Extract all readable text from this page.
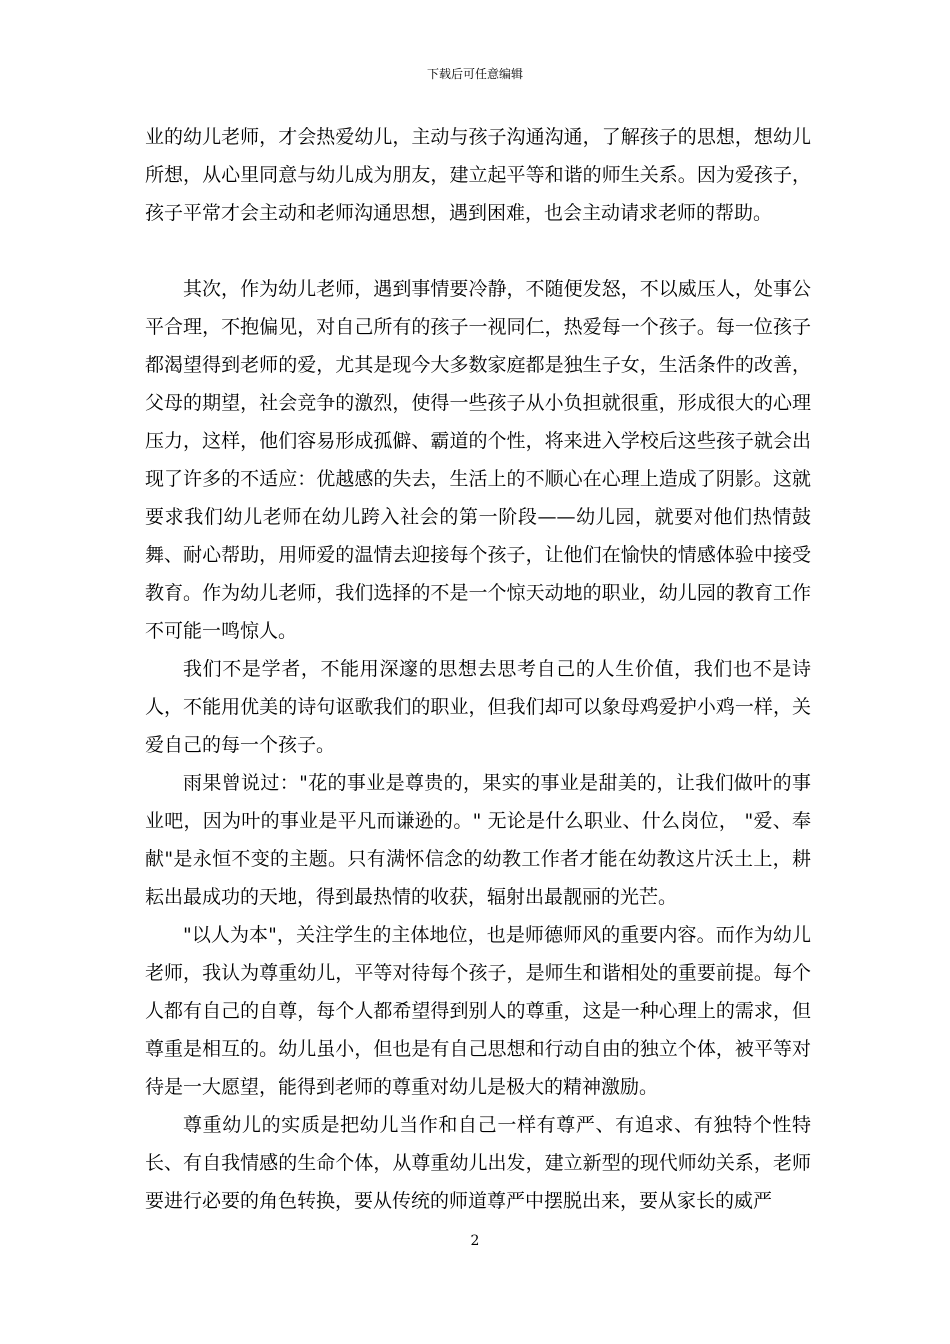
下载后可任意编辑

业的幼儿老师，才会热爱幼儿，主动与孩子沟通沟通，了解孩子的思想，想幼儿所想，从心里同意与幼儿成为朋友，建立起平等和谐的师生关系。因为爱孩子，孩子平常才会主动和老师沟通思想，遇到困难，也会主动请求老师的帮助。

其次，作为幼儿老师，遇到事情要冷静，不随便发怒，不以威压人，处事公平合理，不抱偏见，对自己所有的孩子一视同仁，热爱每一个孩子。每一位孩子都渴望得到老师的爱，尤其是现今大多数家庭都是独生子女，生活条件的改善，父母的期望，社会竞争的激烈，使得一些孩子从小负担就很重，形成很大的心理压力，这样，他们容易形成孤僻、霸道的个性，将来进入学校后这些孩子就会出现了许多的不适应：优越感的失去，生活上的不顺心在心理上造成了阴影。这就要求我们幼儿老师在幼儿跨入社会的第一阶段——幼儿园，就要对他们热情鼓舞、耐心帮助，用师爱的温情去迎接每个孩子，让他们在愉快的情感体验中接受教育。作为幼儿老师，我们选择的不是一个惊天动地的职业，幼儿园的教育工作不可能一鸣惊人。

我们不是学者，不能用深邃的思想去思考自己的人生价值，我们也不是诗人，不能用优美的诗句讴歌我们的职业，但我们却可以象母鸡爱护小鸡一样，关爱自己的每一个孩子。

雨果曾说过："花的事业是尊贵的，果实的事业是甜美的，让我们做叶的事业吧，因为叶的事业是平凡而谦逊的。" 无论是什么职业、什么岗位， "爱、奉献"是永恒不变的主题。只有满怀信念的幼教工作者才能在幼教这片沃土上，耕耘出最成功的天地，得到最热情的收获，辐射出最靓丽的光芒。

"以人为本"，关注学生的主体地位，也是师德师风的重要内容。而作为幼儿老师，我认为尊重幼儿，平等对待每个孩子，是师生和谐相处的重要前提。每个人都有自己的自尊，每个人都希望得到别人的尊重，这是一种心理上的需求，但尊重是相互的。幼儿虽小，但也是有自己思想和行动自由的独立个体，被平等对待是一大愿望，能得到老师的尊重对幼儿是极大的精神激励。

尊重幼儿的实质是把幼儿当作和自己一样有尊严、有追求、有独特个性特长、有自我情感的生命个体，从尊重幼儿出发，建立新型的现代师幼关系，老师要进行必要的角色转换，要从传统的师道尊严中摆脱出来，要从家长的威严

2
